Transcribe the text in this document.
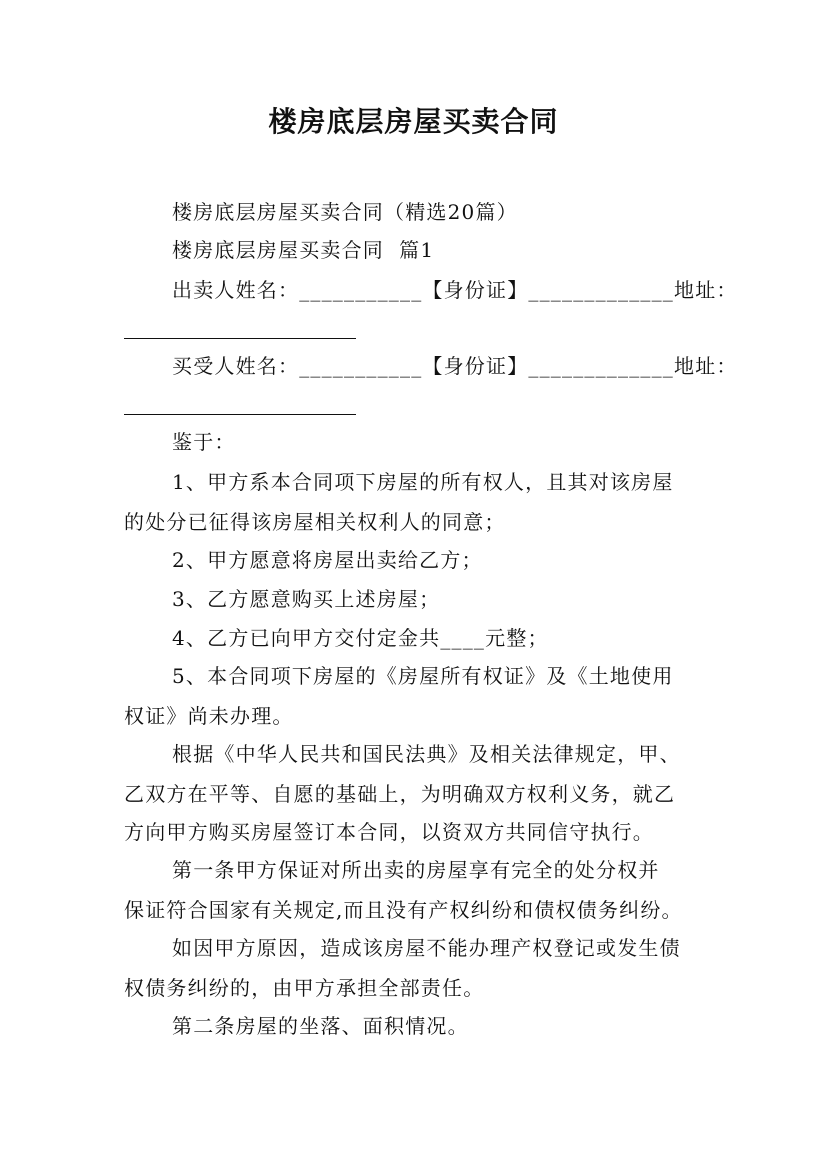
楼房底层房屋买卖合同
楼房底层房屋买卖合同（精选20篇）
楼房底层房屋买卖合同  篇1
出卖人姓名：___________【身份证】_____________地址：
买受人姓名：___________【身份证】_____________地址：
鉴于：
1、甲方系本合同项下房屋的所有权人，且其对该房屋
的处分已征得该房屋相关权利人的同意；
2、甲方愿意将房屋出卖给乙方；
3、乙方愿意购买上述房屋；
4、乙方已向甲方交付定金共____元整；
5、本合同项下房屋的《房屋所有权证》及《土地使用
权证》尚未办理。
根据《中华人民共和国民法典》及相关法律规定，甲、
乙双方在平等、自愿的基础上，为明确双方权利义务，就乙
方向甲方购买房屋签订本合同，以资双方共同信守执行。
第一条甲方保证对所出卖的房屋享有完全的处分权并
保证符合国家有关规定,而且没有产权纠纷和债权债务纠纷。
如因甲方原因，造成该房屋不能办理产权登记或发生债
权债务纠纷的，由甲方承担全部责任。
第二条房屋的坐落、面积情况。
